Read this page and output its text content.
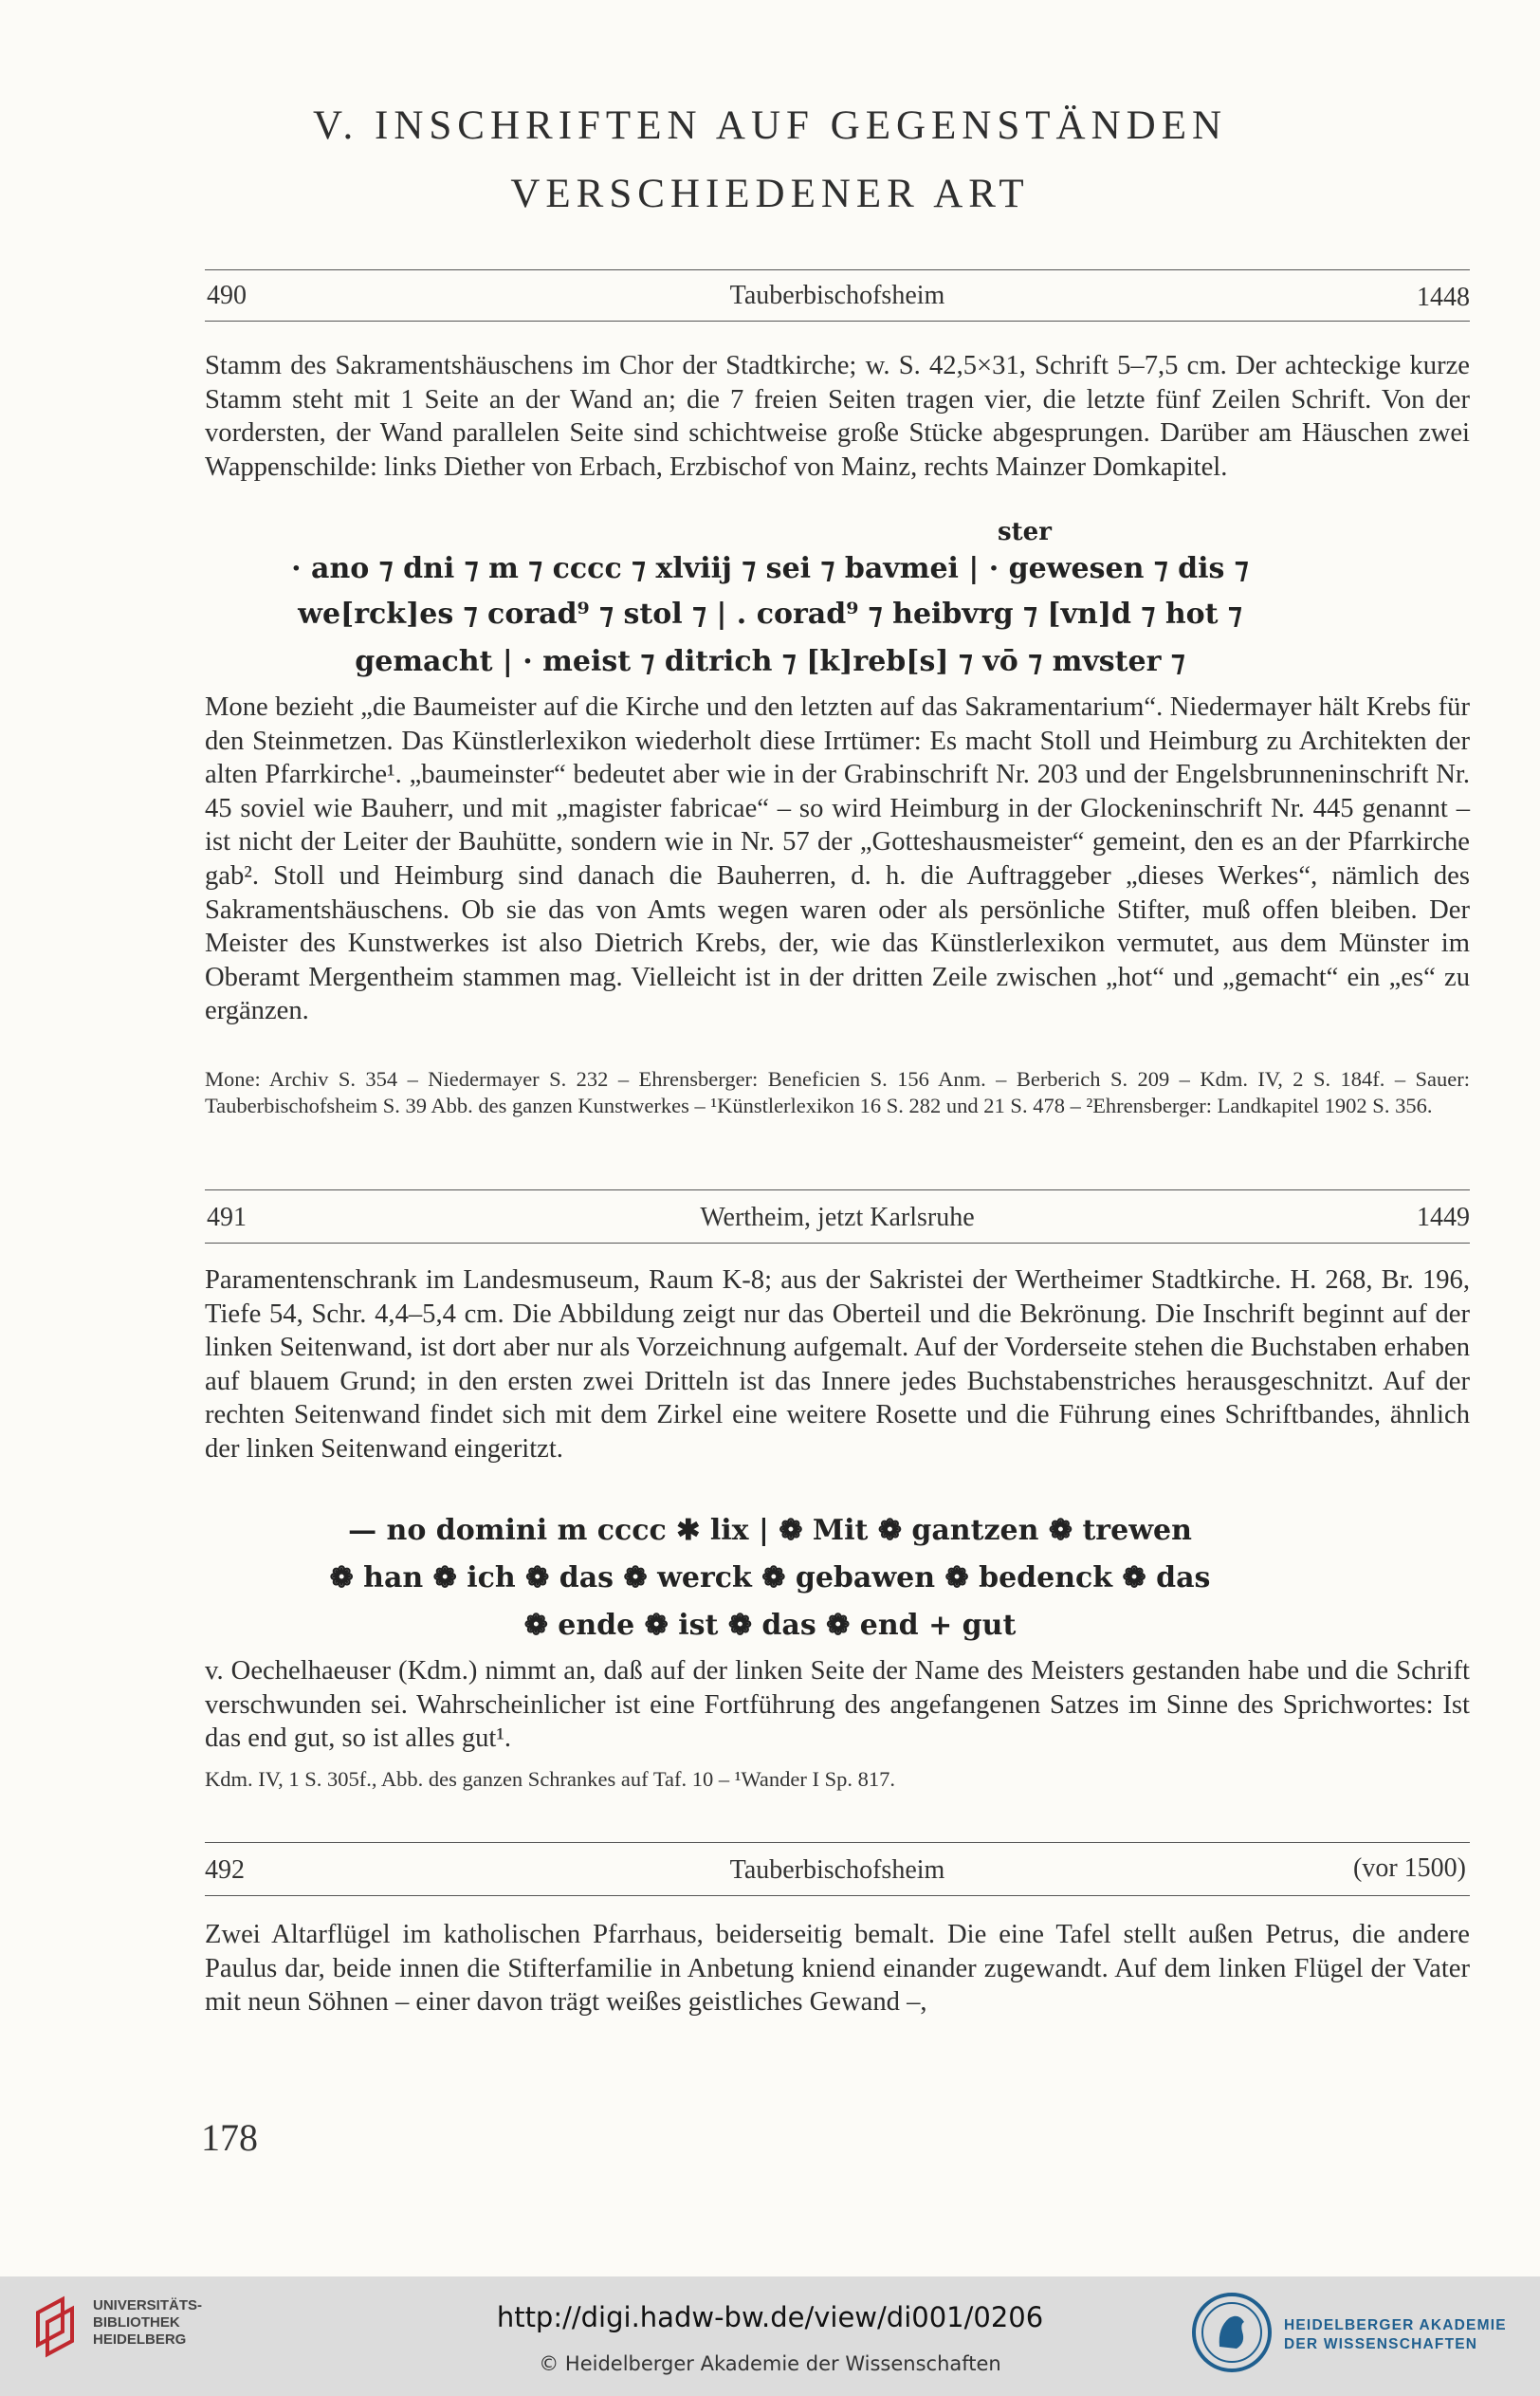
V. INSCHRIFTEN AUF GEGENSTÄNDEN
VERSCHIEDENER ART
490	Tauberbischofsheim	1448

Stamm des Sakramentshäuschens im Chor der Stadtkirche; w. S. 42,5×31, Schrift 5–7,5 cm. Der achteckige kurze Stamm steht mit 1 Seite an der Wand an; die 7 freien Seiten tragen vier, die letzte fünf Zeilen Schrift. Von der vordersten, der Wand parallelen Seite sind schichtweise große Stücke abgesprungen. Darüber am Häuschen zwei Wappenschilde: links Diether von Erbach, Erzbischof von Mainz, rechts Mainzer Domkapitel.

ster
· ano ⁊ dni ⁊ m ⁊ cccc ⁊ xlviij ⁊ sei ⁊ bavmei | · gewesen ⁊ dis ⁊
we[rck]es ⁊ corad⁹ ⁊ stol ⁊ | . corad⁹ ⁊ heibvrg ⁊ [vn]d ⁊ hot ⁊
gemacht | · meist ⁊ ditrich ⁊ [k]reb[s] ⁊ vō ⁊ mvster ⁊

Mone bezieht „die Baumeister auf die Kirche und den letzten auf das Sakramentarium“. Niedermayer hält Krebs für den Steinmetzen. Das Künstlerlexikon wiederholt diese Irrtümer: Es macht Stoll und Heimburg zu Architekten der alten Pfarrkirche¹. „baumeinster“ bedeutet aber wie in der Grabinschrift Nr. 203 und der Engelsbrunneninschrift Nr. 45 soviel wie Bauherr, und mit „magister fabricae“ – so wird Heimburg in der Glockeninschrift Nr. 445 genannt – ist nicht der Leiter der Bauhütte, sondern wie in Nr. 57 der „Gotteshausmeister“ gemeint, den es an der Pfarrkirche gab². Stoll und Heimburg sind danach die Bauherren, d. h. die Auftraggeber „dieses Werkes“, nämlich des Sakramentshäuschens. Ob sie das von Amts wegen waren oder als persönliche Stifter, muß offen bleiben. Der Meister des Kunstwerkes ist also Dietrich Krebs, der, wie das Künstlerlexikon vermutet, aus dem Münster im Oberamt Mergentheim stammen mag. Vielleicht ist in der dritten Zeile zwischen „hot“ und „gemacht“ ein „es“ zu ergänzen.

Mone: Archiv S. 354 – Niedermayer S. 232 – Ehrensberger: Beneficien S. 156 Anm. – Berberich S. 209 – Kdm. IV, 2 S. 184f. – Sauer: Tauberbischofsheim S. 39 Abb. des ganzen Kunstwerkes – ¹Künstlerlexikon 16 S. 282 und 21 S. 478 – ²Ehrensberger: Landkapitel 1902 S. 356.

491	Wertheim, jetzt Karlsruhe	1449

Paramentenschrank im Landesmuseum, Raum K-8; aus der Sakristei der Wertheimer Stadtkirche. H. 268, Br. 196, Tiefe 54, Schr. 4,4–5,4 cm. Die Abbildung zeigt nur das Oberteil und die Bekrönung. Die Inschrift beginnt auf der linken Seitenwand, ist dort aber nur als Vorzeichnung aufgemalt. Auf der Vorderseite stehen die Buchstaben erhaben auf blauem Grund; in den ersten zwei Dritteln ist das Innere jedes Buchstabenstriches herausgeschnitzt. Auf der rechten Seitenwand findet sich mit dem Zirkel eine weitere Rosette und die Führung eines Schriftbandes, ähnlich der linken Seitenwand eingeritzt.

— no domini m cccc ✱ lix | ❁ Mit ❁ gantzen ❁ trewen
❁ han ❁ ich ❁ das ❁ werck ❁ gebawen ❁ bedenck ❁ das
❁ ende ❁ ist ❁ das ❁ end + gut

v. Oechelhaeuser (Kdm.) nimmt an, daß auf der linken Seite der Name des Meisters gestanden habe und die Schrift verschwunden sei. Wahrscheinlicher ist eine Fortführung des angefangenen Satzes im Sinne des Sprichwortes: Ist das end gut, so ist alles gut¹.

Kdm. IV, 1 S. 305f., Abb. des ganzen Schrankes auf Taf. 10 – ¹Wander I Sp. 817.

492	Tauberbischofsheim	(vor 1500)

Zwei Altarflügel im katholischen Pfarrhaus, beiderseitig bemalt. Die eine Tafel stellt außen Petrus, die andere Paulus dar, beide innen die Stifterfamilie in Anbetung kniend einander zugewandt. Auf dem linken Flügel der Vater mit neun Söhnen – einer davon trägt weißes geistliches Gewand –,

178
UNIVERSITÄTS-
BIBLIOTHEK
HEIDELBERG
http://digi.hadw-bw.de/view/di001/0206
© Heidelberger Akademie der Wissenschaften
HEIDELBERGER AKADEMIE
DER WISSENSCHAFTEN
